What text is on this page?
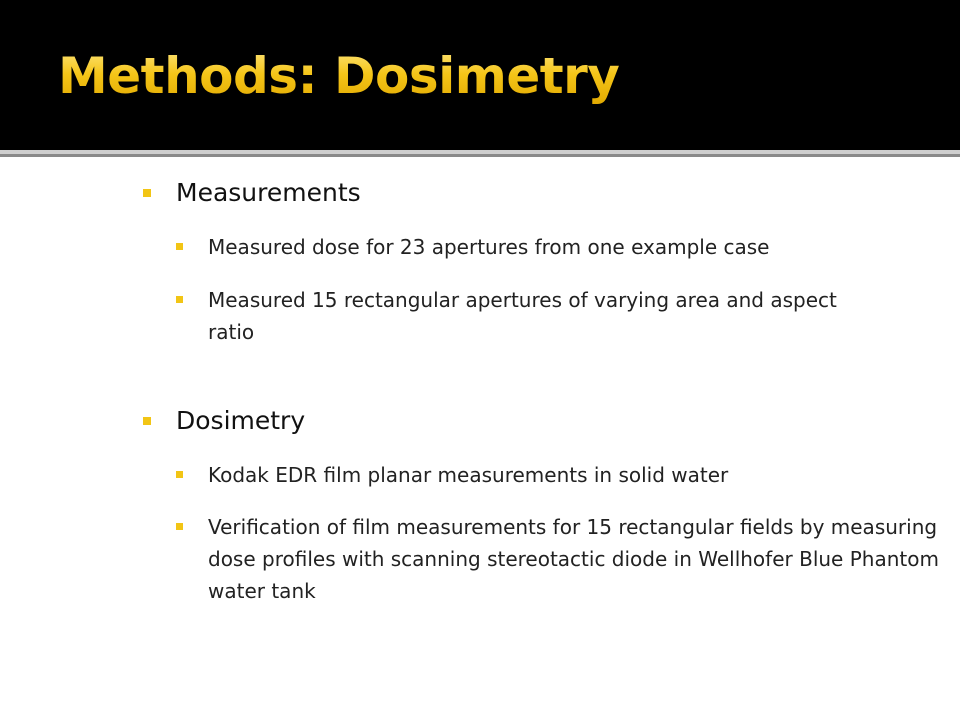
Methods: Dosimetry
Measurements
Measured dose for 23 apertures from one example case
Measured 15 rectangular apertures of varying area and aspect ratio
Dosimetry
Kodak EDR film planar measurements in solid water
Verification of film measurements for 15 rectangular fields by measuring dose profiles with scanning stereotactic diode in Wellhofer Blue Phantom water tank
